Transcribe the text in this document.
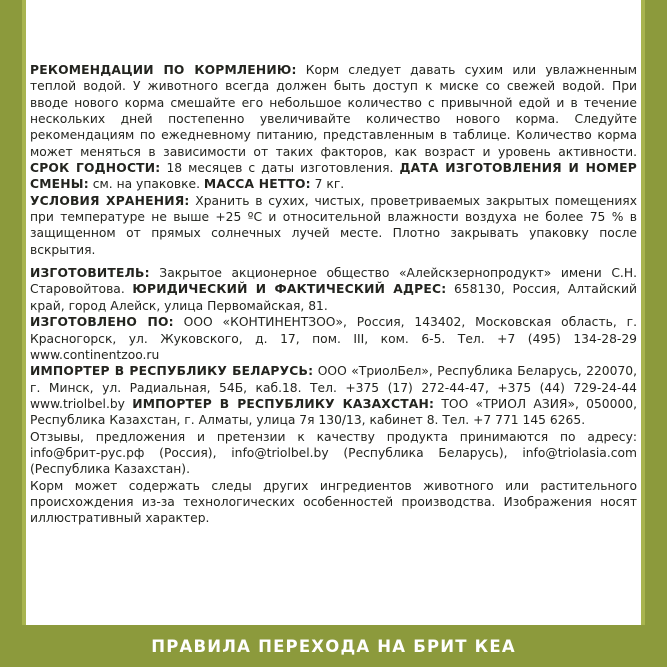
РЕКОМЕНДАЦИИ ПО КОРМЛЕНИЮ: Корм следует давать сухим или увлажненным теплой водой. У животного всегда должен быть доступ к миске со свежей водой. При вводе нового корма смешайте его небольшое количество с привычной едой и в течение нескольких дней постепенно увеличивайте количество нового корма. Следуйте рекомендациям по ежедневному питанию, представленным в таблице. Количество корма может меняться в зависимости от таких факторов, как возраст и уровень активности. СРОК ГОДНОСТИ: 18 месяцев с даты изготовления. ДАТА ИЗГОТОВЛЕНИЯ И НОМЕР СМЕНЫ: см. на упаковке. МАССА НЕТТО: 7 кг.

УСЛОВИЯ ХРАНЕНИЯ: Хранить в сухих, чистых, проветриваемых закрытых помещениях при температуре не выше +25 ºC и относительной влажности воздуха не более 75 % в защищенном от прямых солнечных лучей месте. Плотно закрывать упаковку после вскрытия.

ИЗГОТОВИТЕЛЬ: Закрытое акционерное общество «Алейскзернопродукт» имени С.Н. Старовойтова. ЮРИДИЧЕСКИЙ И ФАКТИЧЕСКИЙ АДРЕС: 658130, Россия, Алтайский край, город Алейск, улица Первомайская, 81.

ИЗГОТОВЛЕНО ПО: ООО «КОНТИНЕНТЗОО», Россия, 143402, Московская область, г. Красногорск, ул. Жуковского, д. 17, пом. III, ком. 6-5. Тел. +7 (495) 134-28-29 www.continentzoo.ru

ИМПОРТЕР В РЕСПУБЛИКУ БЕЛАРУСЬ: ООО «ТриолБел», Республика Беларусь, 220070, г. Минск, ул. Радиальная, 54Б, каб.18. Тел. +375 (17) 272-44-47, +375 (44) 729-24-44 www.triolbel.by ИМПОРТЕР В РЕСПУБЛИКУ КАЗАХСТАН: ТОО «ТРИОЛ АЗИЯ», 050000, Республика Казахстан, г. Алматы, улица 7я 130/13, кабинет 8. Тел. +7 771 145 6265.

Отзывы, предложения и претензии к качеству продукта принимаются по адресу: info@брит-рус.рф (Россия), info@triolbel.by (Республика Беларусь), info@triolasia.com (Республика Казахстан).

Корм может содержать следы других ингредиентов животного или растительного происхождения из-за технологических особенностей производства. Изображения носят иллюстративный характер.

ПРАВИЛА ПЕРЕХОДА НА БРИТ КЕА
